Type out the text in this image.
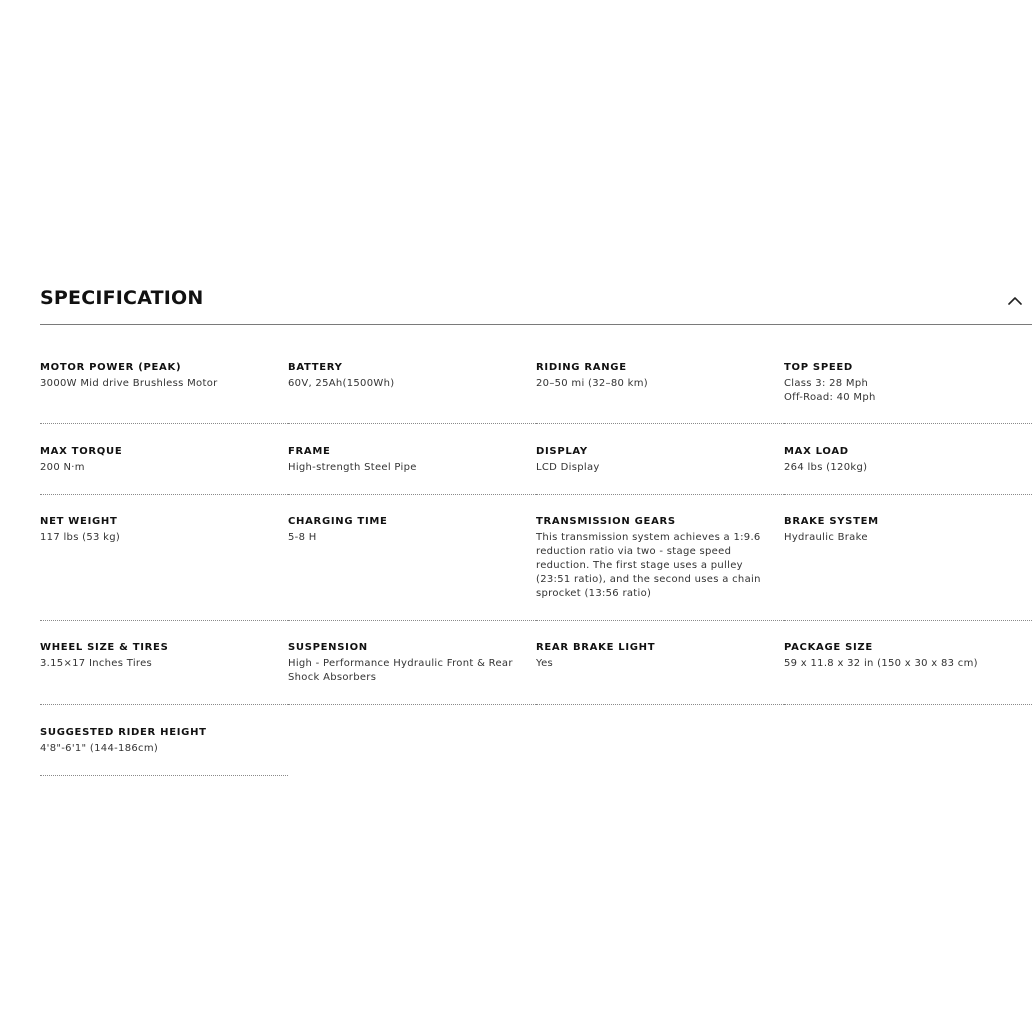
SPECIFICATION
MOTOR POWER (PEAK)
3000W Mid drive Brushless Motor
BATTERY
60V, 25Ah(1500Wh)
RIDING RANGE
20–50 mi (32–80 km)
TOP SPEED
Class 3: 28 Mph
Off-Road: 40 Mph
MAX TORQUE
200 N·m
FRAME
High-strength Steel Pipe
DISPLAY
LCD Display
MAX LOAD
264 lbs (120kg)
NET WEIGHT
117 lbs (53 kg)
CHARGING TIME
5-8 H
TRANSMISSION GEARS
This transmission system achieves a 1:9.6 reduction ratio via two - stage speed reduction. The first stage uses a pulley (23:51 ratio), and the second uses a chain sprocket (13:56 ratio)
BRAKE SYSTEM
Hydraulic Brake
WHEEL SIZE & TIRES
3.15×17 Inches Tires
SUSPENSION
High - Performance Hydraulic Front & Rear Shock Absorbers
REAR BRAKE LIGHT
Yes
PACKAGE SIZE
59 x 11.8 x 32 in (150 x 30 x 83 cm)
SUGGESTED RIDER HEIGHT
4'8"-6'1" (144-186cm)
